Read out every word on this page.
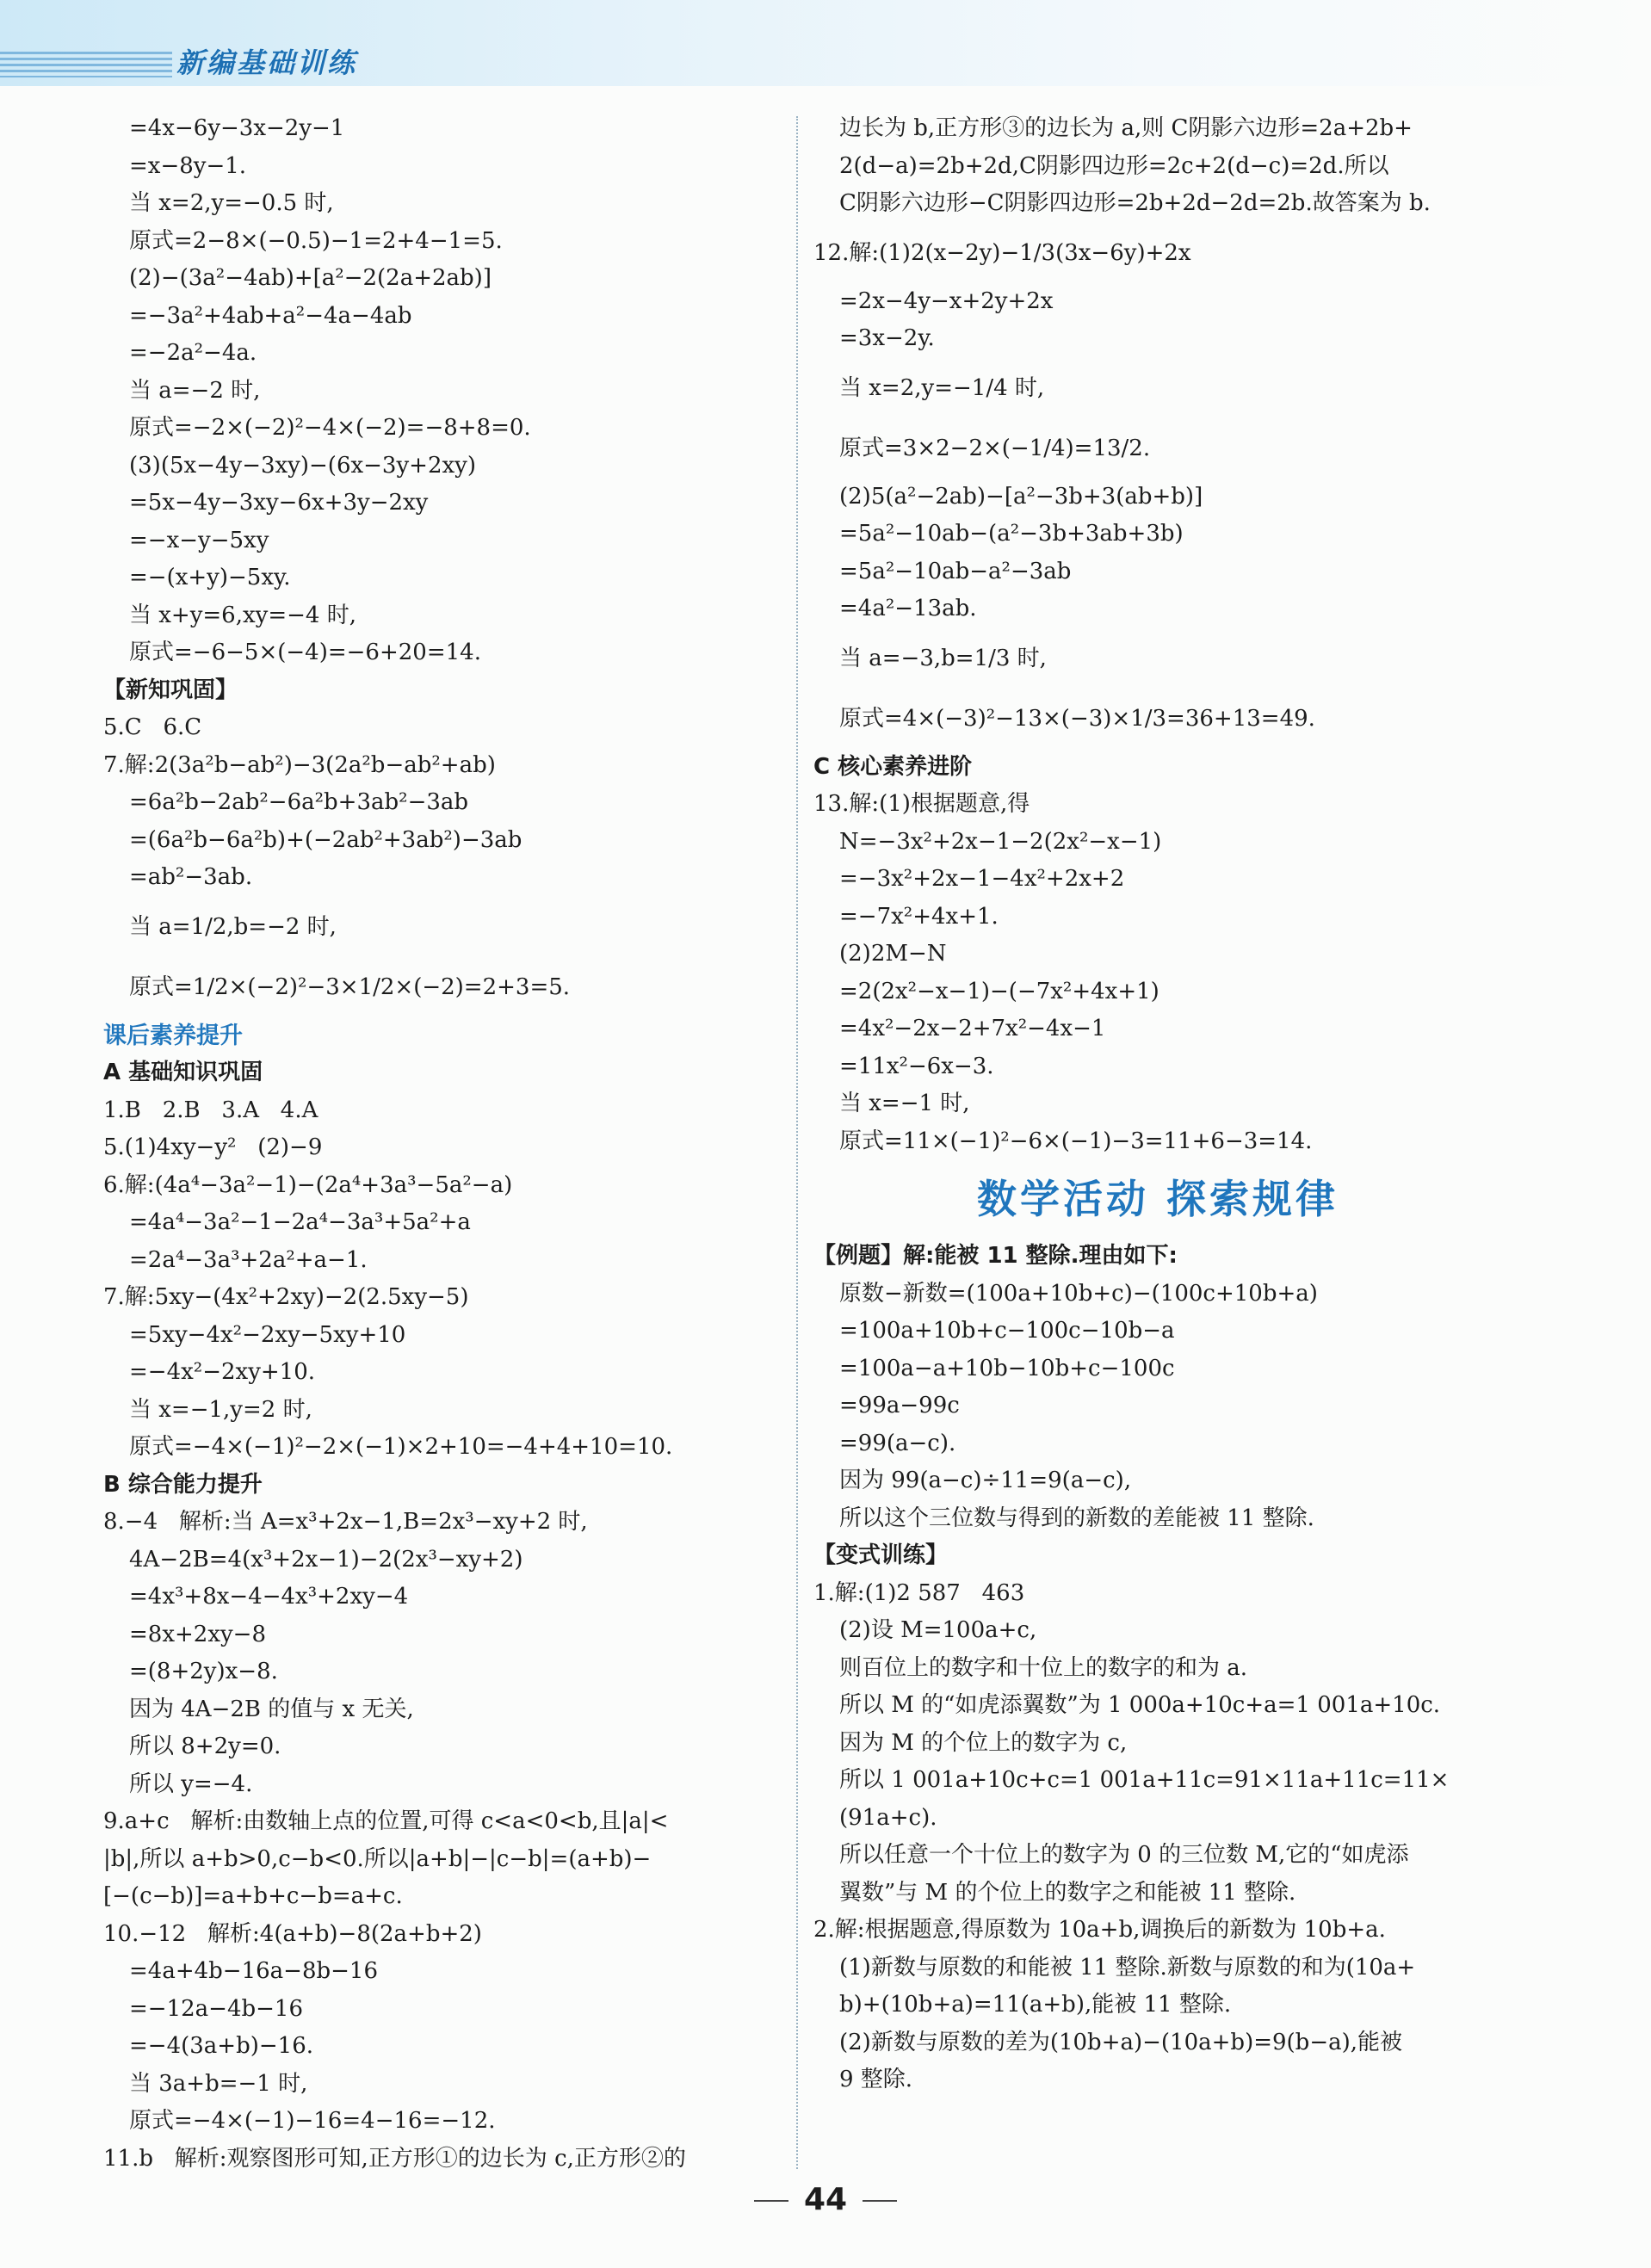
新编基础训练
=4x−6y−3x−2y−1
=x−8y−1.
当 x=2,y=−0.5 时,
原式=2−8×(−0.5)−1=2+4−1=5.
(2)−(3a²−4ab)+[a²−2(2a+2ab)]
=−3a²+4ab+a²−4a−4ab
=−2a²−4a.
当 a=−2 时,
原式=−2×(−2)²−4×(−2)=−8+8=0.
(3)(5x−4y−3xy)−(6x−3y+2xy)
=5x−4y−3xy−6x+3y−2xy
=−x−y−5xy
=−(x+y)−5xy.
当 x+y=6,xy=−4 时,
原式=−6−5×(−4)=−6+20=14.
【新知巩固】
5.C   6.C
7.解:2(3a²b−ab²)−3(2a²b−ab²+ab)
=6a²b−2ab²−6a²b+3ab²−3ab
=(6a²b−6a²b)+(−2ab²+3ab²)−3ab
=ab²−3ab.
当 a=1/2,b=−2 时,
原式=1/2×(−2)²−3×1/2×(−2)=2+3=5.
课后素养提升
A 基础知识巩固
1.B   2.B   3.A   4.A
5.(1)4xy−y²   (2)−9
6.解:(4a⁴−3a²−1)−(2a⁴+3a³−5a²−a)
=4a⁴−3a²−1−2a⁴−3a³+5a²+a
=2a⁴−3a³+2a²+a−1.
7.解:5xy−(4x²+2xy)−2(2.5xy−5)
=5xy−4x²−2xy−5xy+10
=−4x²−2xy+10.
当 x=−1,y=2 时,
原式=−4×(−1)²−2×(−1)×2+10=−4+4+10=10.
B 综合能力提升
8.−4   解析:当 A=x³+2x−1,B=2x³−xy+2 时,
4A−2B=4(x³+2x−1)−2(2x³−xy+2)
=4x³+8x−4−4x³+2xy−4
=8x+2xy−8
=(8+2y)x−8.
因为 4A−2B 的值与 x 无关,
所以 8+2y=0.
所以 y=−4.
9.a+c   解析:由数轴上点的位置,可得 c<a<0<b,且|a|<
|b|,所以 a+b>0,c−b<0.所以|a+b|−|c−b|=(a+b)−
[−(c−b)]=a+b+c−b=a+c.
10.−12   解析:4(a+b)−8(2a+b+2)
=4a+4b−16a−8b−16
=−12a−4b−16
=−4(3a+b)−16.
当 3a+b=−1 时,
原式=−4×(−1)−16=4−16=−12.
11.b   解析:观察图形可知,正方形①的边长为 c,正方形②的
边长为 b,正方形③的边长为 a,则 C阴影六边形=2a+2b+
2(d−a)=2b+2d,C阴影四边形=2c+2(d−c)=2d.所以
C阴影六边形−C阴影四边形=2b+2d−2d=2b.故答案为 b.
12.解:(1)2(x−2y)−1/3(3x−6y)+2x
=2x−4y−x+2y+2x
=3x−2y.
当 x=2,y=−1/4 时,
原式=3×2−2×(−1/4)=13/2.
(2)5(a²−2ab)−[a²−3b+3(ab+b)]
=5a²−10ab−(a²−3b+3ab+3b)
=5a²−10ab−a²−3ab
=4a²−13ab.
当 a=−3,b=1/3 时,
原式=4×(−3)²−13×(−3)×1/3=36+13=49.
C 核心素养进阶
13.解:(1)根据题意,得
N=−3x²+2x−1−2(2x²−x−1)
=−3x²+2x−1−4x²+2x+2
=−7x²+4x+1.
(2)2M−N
=2(2x²−x−1)−(−7x²+4x+1)
=4x²−2x−2+7x²−4x−1
=11x²−6x−3.
当 x=−1 时,
原式=11×(−1)²−6×(−1)−3=11+6−3=14.
数学活动 探索规律
【例题】解:能被 11 整除.理由如下:
原数−新数=(100a+10b+c)−(100c+10b+a)
=100a+10b+c−100c−10b−a
=100a−a+10b−10b+c−100c
=99a−99c
=99(a−c).
因为 99(a−c)÷11=9(a−c),
所以这个三位数与得到的新数的差能被 11 整除.
【变式训练】
1.解:(1)2 587   463
(2)设 M=100a+c,
则百位上的数字和十位上的数字的和为 a.
所以 M 的“如虎添翼数”为 1 000a+10c+a=1 001a+10c.
因为 M 的个位上的数字为 c,
所以 1 001a+10c+c=1 001a+11c=91×11a+11c=11×
(91a+c).
所以任意一个十位上的数字为 0 的三位数 M,它的“如虎添
翼数”与 M 的个位上的数字之和能被 11 整除.
2.解:根据题意,得原数为 10a+b,调换后的新数为 10b+a.
(1)新数与原数的和能被 11 整除.新数与原数的和为(10a+
b)+(10b+a)=11(a+b),能被 11 整除.
(2)新数与原数的差为(10b+a)−(10a+b)=9(b−a),能被
9 整除.
44
